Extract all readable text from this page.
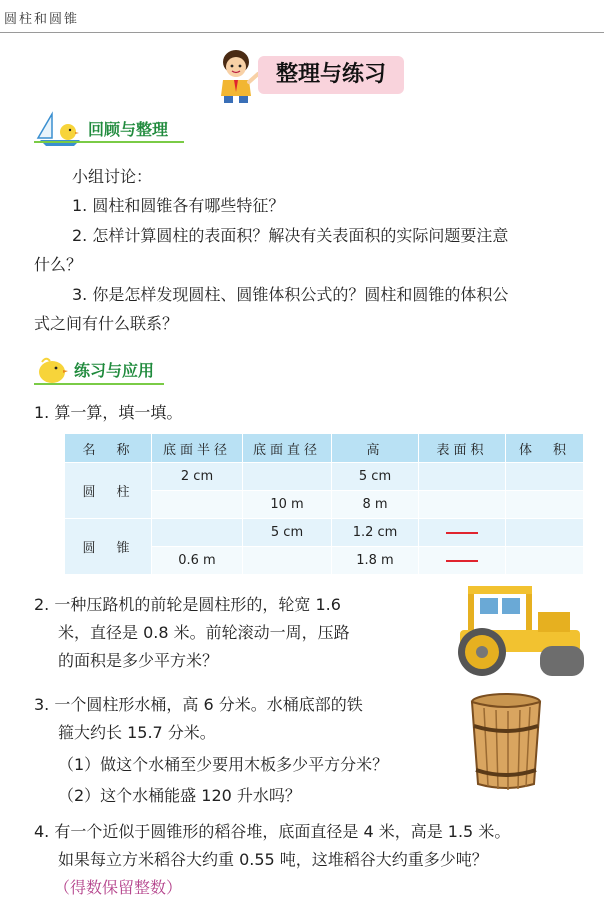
圆柱和圆锥
整理与练习
回顾与整理
小组讨论：
1. 圆柱和圆锥各有哪些特征？
2. 怎样计算圆柱的表面积？解决有关表面积的实际问题要注意
什么？
3. 你是怎样发现圆柱、圆锥体积公式的？圆柱和圆锥的体积公
式之间有什么联系？
练习与应用
1. 算一算，填一填。
名　称	底面半径	底面直径	高	表面积	体　积
圆　柱	2 cm		5 cm		
		10 m	8 m		
圆　锥		5 cm	1.2 cm		
	0.6 m		1.8 m		
2. 一种压路机的前轮是圆柱形的，轮宽 1.6
米，直径是 0.8 米。前轮滚动一周，压路
的面积是多少平方米？
3. 一个圆柱形水桶，高 6 分米。水桶底部的铁
箍大约长 15.7 分米。
（1）做这个水桶至少要用木板多少平方分米？
（2）这个水桶能盛 120 升水吗？
4. 有一个近似于圆锥形的稻谷堆，底面直径是 4 米，高是 1.5 米。
如果每立方米稻谷大约重 0.55 吨，这堆稻谷大约重多少吨？
（得数保留整数）
